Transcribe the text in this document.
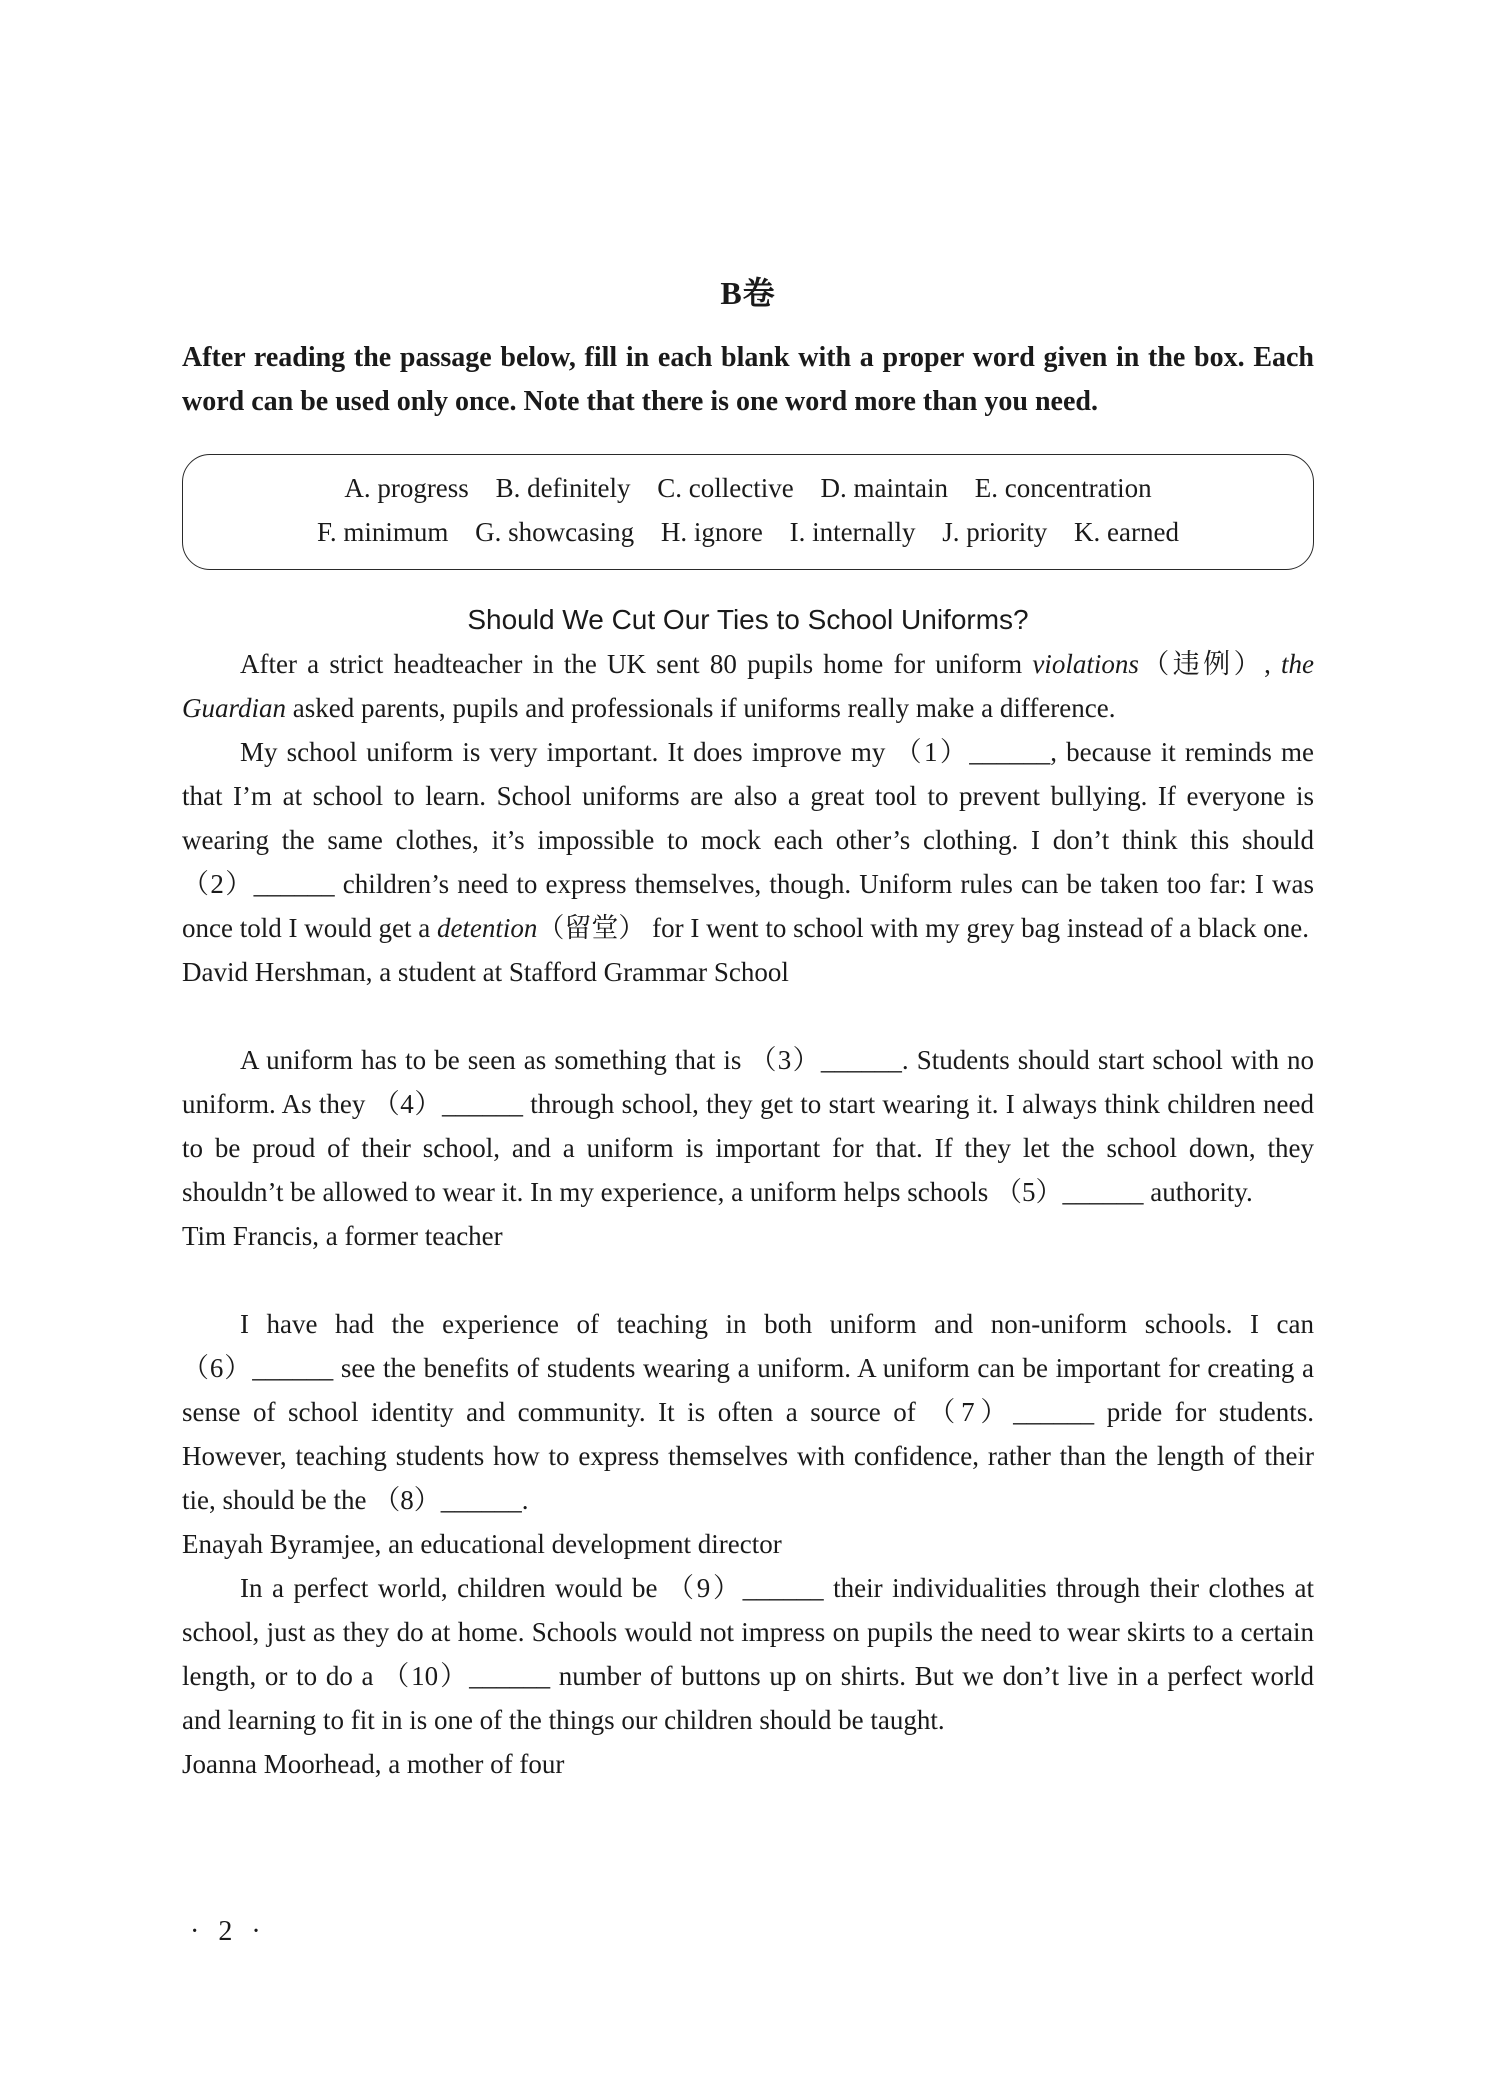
B卷
After reading the passage below, fill in each blank with a proper word given in the box. Each word can be used only once. Note that there is one word more than you need.
A. progress B. definitely C. collective D. maintain E. concentration
F. minimum G. showcasing H. ignore I. internally J. priority K. earned
Should We Cut Our Ties to School Uniforms?

After a strict headteacher in the UK sent 80 pupils home for uniform violations（违例）, the Guardian asked parents, pupils and professionals if uniforms really make a difference.

My school uniform is very important. It does improve my （1）______, because it reminds me that I’m at school to learn. School uniforms are also a great tool to prevent bullying. If everyone is wearing the same clothes, it’s impossible to mock each other’s clothing. I don’t think this should （2）______ children’s need to express themselves, though. Uniform rules can be taken too far: I was once told I would get a detention（留堂） for I went to school with my grey bag instead of a black one.

David Hershman, a student at Stafford Grammar School

A uniform has to be seen as something that is （3）______. Students should start school with no uniform. As they （4）______ through school, they get to start wearing it. I always think children need to be proud of their school, and a uniform is important for that. If they let the school down, they shouldn’t be allowed to wear it. In my experience, a uniform helps schools （5）______ authority.

Tim Francis, a former teacher

I have had the experience of teaching in both uniform and non-uniform schools. I can （6）______ see the benefits of students wearing a uniform. A uniform can be important for creating a sense of school identity and community. It is often a source of （7）______ pride for students. However, teaching students how to express themselves with confidence, rather than the length of their tie, should be the （8）______.

Enayah Byramjee, an educational development director

In a perfect world, children would be （9）______ their individualities through their clothes at school, just as they do at home. Schools would not impress on pupils the need to wear skirts to a certain length, or to do a （10）______ number of buttons up on shirts. But we don’t live in a perfect world and learning to fit in is one of the things our children should be taught.

Joanna Moorhead, a mother of four
· 2 ·
